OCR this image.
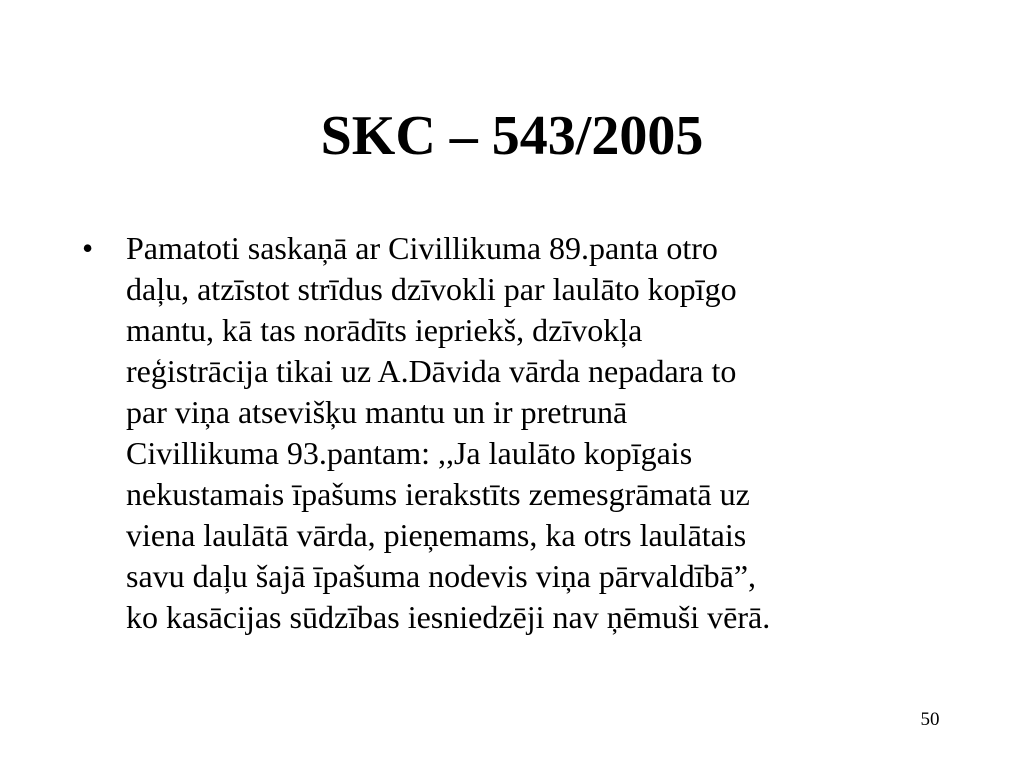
SKC – 543/2005
• Pamatoti saskaņā ar Civillikuma 89.panta otro
daļu, atzīstot strīdus dzīvokli par laulāto kopīgo
mantu, kā tas norādīts iepriekš, dzīvokļa
reģistrācija tikai uz A.Dāvida vārda nepadara to
par viņa atsevišķu mantu un ir pretrunā
Civillikuma 93.pantam: ,,Ja laulāto kopīgais
nekustamais īpašums ierakstīts zemesgrāmatā uz
viena laulātā vārda, pieņemams, ka otrs laulātais
savu daļu šajā īpašuma nodevis viņa pārvaldībā”,
ko kasācijas sūdzības iesniedzēji nav ņēmuši vērā.
50
